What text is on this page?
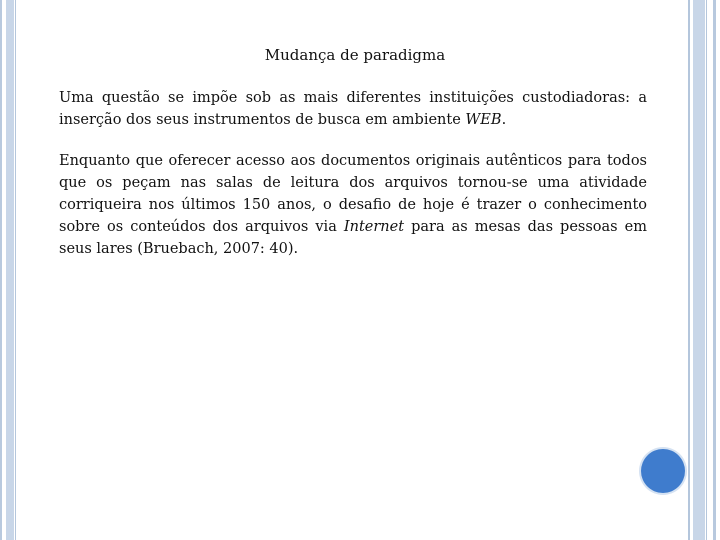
Mudança de paradigma

Uma questão se impõe sob as mais diferentes instituições custodiadoras: a inserção dos seus instrumentos de busca em ambiente WEB.

Enquanto que oferecer acesso aos documentos originais autênticos para todos que os peçam nas salas de leitura dos arquivos tornou-se uma atividade corriqueira nos últimos 150 anos, o desafio de hoje é trazer o conhecimento sobre os conteúdos dos arquivos via Internet para as mesas das pessoas em seus lares (Bruebach, 2007: 40).
